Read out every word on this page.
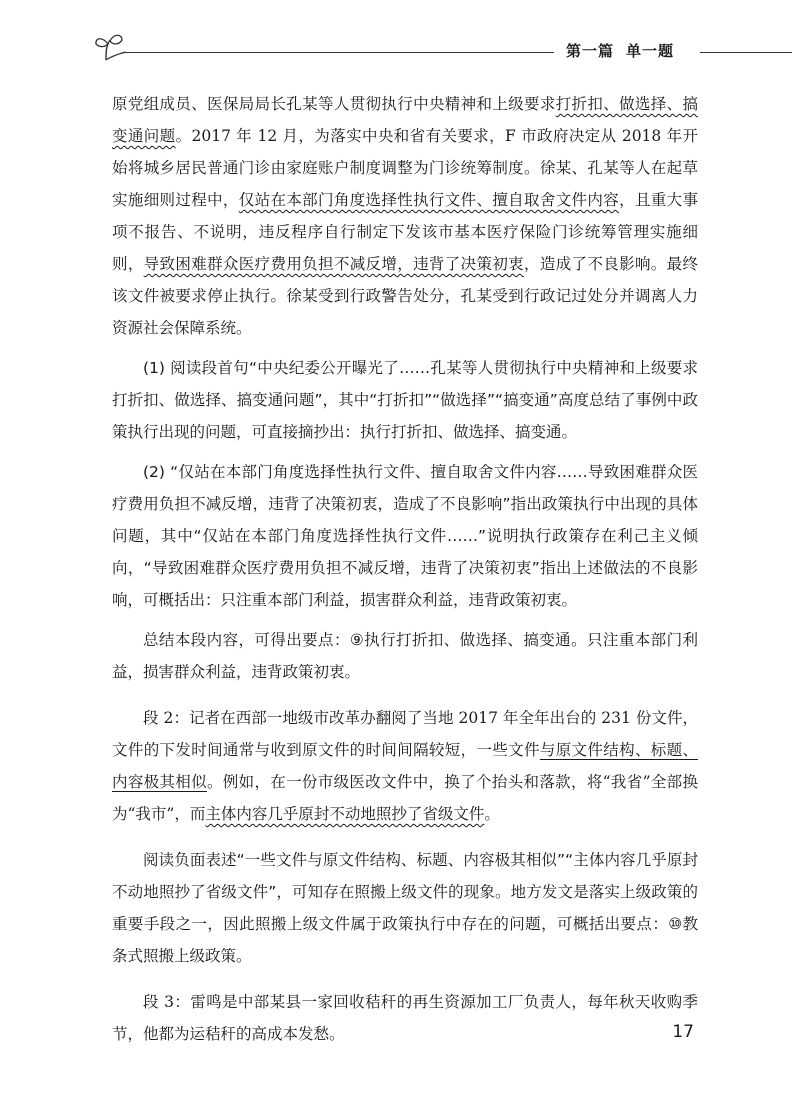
第一篇 单一题

原党组成员、医保局局长孔某等人贯彻执行中央精神和上级要求打折扣、做选择、搞变通问题。2017 年 12 月，为落实中央和省有关要求，F 市政府决定从 2018 年开始将城乡居民普通门诊由家庭账户制度调整为门诊统筹制度。徐某、孔某等人在起草实施细则过程中，仅站在本部门角度选择性执行文件、擅自取舍文件内容，且重大事项不报告、不说明，违反程序自行制定下发该市基本医疗保险门诊统筹管理实施细则，导致困难群众医疗费用负担不减反增，违背了决策初衷，造成了不良影响。最终该文件被要求停止执行。徐某受到行政警告处分，孔某受到行政记过处分并调离人力资源社会保障系统。

(1) 阅读段首句“中央纪委公开曝光了……孔某等人贯彻执行中央精神和上级要求打折扣、做选择、搞变通问题”，其中“打折扣”“做选择”“搞变通”高度总结了事例中政策执行出现的问题，可直接摘抄出：执行打折扣、做选择、搞变通。

(2) “仅站在本部门角度选择性执行文件、擅自取舍文件内容……导致困难群众医疗费用负担不减反增，违背了决策初衷，造成了不良影响”指出政策执行中出现的具体问题，其中“仅站在本部门角度选择性执行文件……”说明执行政策存在利己主义倾向，“导致困难群众医疗费用负担不减反增，违背了决策初衷”指出上述做法的不良影响，可概括出：只注重本部门利益，损害群众利益，违背政策初衷。

总结本段内容，可得出要点：⑨执行打折扣、做选择、搞变通。只注重本部门利益，损害群众利益，违背政策初衷。

段 2：记者在西部一地级市改革办翻阅了当地 2017 年全年出台的 231 份文件，文件的下发时间通常与收到原文件的时间间隔较短，一些文件与原文件结构、标题、内容极其相似。例如，在一份市级医改文件中，换了个抬头和落款，将“我省”全部换为“我市”，而主体内容几乎原封不动地照抄了省级文件。

阅读负面表述“一些文件与原文件结构、标题、内容极其相似”“主体内容几乎原封不动地照抄了省级文件”，可知存在照搬上级文件的现象。地方发文是落实上级政策的重要手段之一，因此照搬上级文件属于政策执行中存在的问题，可概括出要点：⑩教条式照搬上级政策。

段 3：雷鸣是中部某县一家回收秸秆的再生资源加工厂负责人，每年秋天收购季节，他都为运秸秆的高成本发愁。	17
